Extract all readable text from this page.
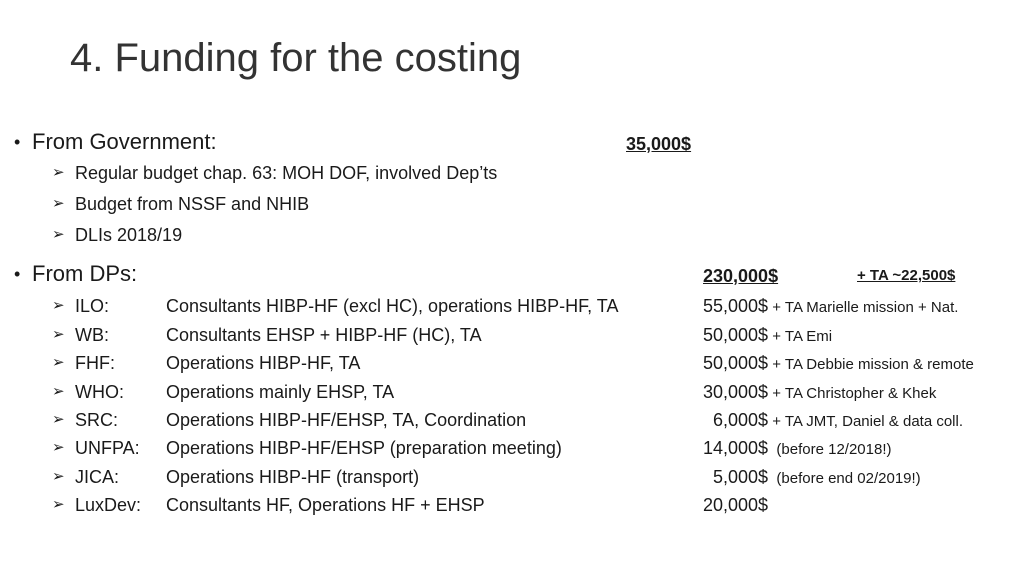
4. Funding for the costing
• From Government:	35,000$
➢ Regular budget chap. 63: MOH DOF, involved Dep’ts
➢ Budget from NSSF and NHIB
➢ DLIs 2018/19
• From DPs:	230,000$	+ TA ~22,500$
➢ ILO:	Consultants HIBP-HF (excl HC), operations HIBP-HF, TA	55,000$ + TA Marielle mission + Nat.
➢ WB:	Consultants EHSP + HIBP-HF (HC), TA	50,000$ + TA Emi
➢ FHF:	Operations HIBP-HF, TA	50,000$ + TA Debbie mission & remote
➢ WHO: Operations mainly EHSP, TA	30,000$ + TA Christopher & Khek
➢ SRC:	Operations HIBP-HF/EHSP, TA, Coordination	6,000$ + TA JMT, Daniel & data coll.
➢ UNFPA: Operations HIBP-HF/EHSP (preparation meeting)	14,000$  (before 12/2018!)
➢ JICA:	Operations HIBP-HF (transport)	5,000$  (before end 02/2019!)
➢ LuxDev: Consultants HF, Operations HF + EHSP	20,000$
